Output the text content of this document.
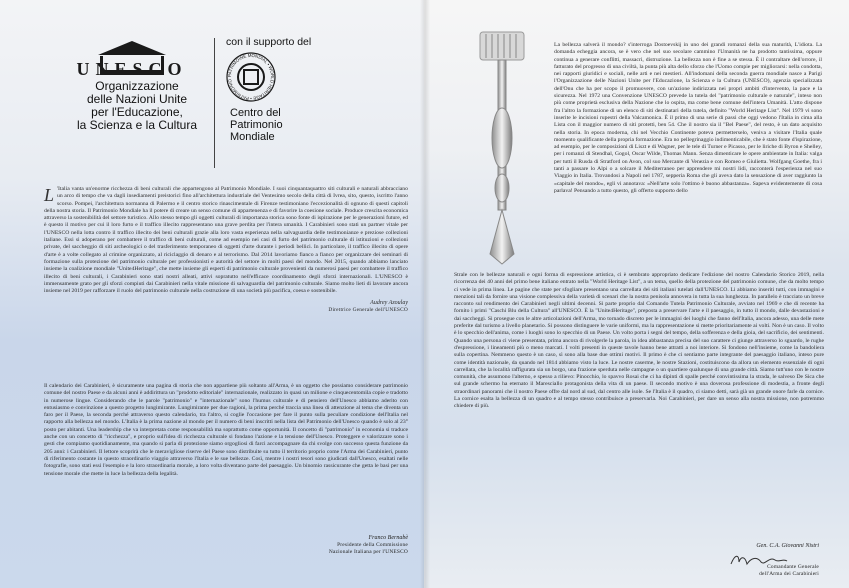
UNESCO
Organizzazione
delle Nazioni Unite
per l'Educazione,
la Scienza e la Cultura
con il supporto del
PATRIMOINE MONDIAL • WORLD HERITAGE • PATRIMONIO
Centro del
Patrimonio
Mondiale

L 'Italia vanta un'enorme ricchezza di beni culturali che appartengono al Patrimonio Mondiale. I suoi cinquantaquattro siti culturali e naturali abbracciano un arco di tempo che va dagli insediamenti preistorici fino all'architettura industriale del Ventesimo secolo della città di Ivrea, sito, questo, iscritto l'anno scorso. Pompei, l'architettura normanna di Palermo e il centro storico rinascimentale di Firenze testimoniano l'eccezionalità di ognuno di questi capitoli della nostra storia. Il Patrimonio Mondiale ha il potere di creare un senso comune di appartenenza e di favorire la coesione sociale. Produce crescita economica attraverso la sostenibilità del settore turistico. Allo stesso tempo gli oggetti culturali di importanza storica sono fonte di ispirazione per le generazioni future, ed è questo il motivo per cui il loro furto e il traffico illecito rappresentano una grave perdita per l'intera umanità. I Carabinieri sono stati un partner vitale per l'UNESCO nella lotta contro il traffico illecito dei beni culturali grazie alla loro vasta esperienza nella salvaguardia delle testimonianze e preziose collezioni italiane. Essi si adoperano per combattere il traffico di beni culturali, come ad esempio nei casi di furto del patrimonio culturale di istituzioni e collezioni private, del saccheggio di siti archeologici o del trasferimento temporaneo di oggetti d'arte durante i periodi bellici. In particolare, il traffico illecito di opere d'arte è a volte collegato al crimine organizzato, al riciclaggio di denaro e al terrorismo. Dal 2014 lavoriamo fianco a fianco per organizzare dei seminari di formazione sulla protezione del patrimonio culturale per professionisti e autorità del settore in molti paesi del mondo. Nel 2015, quando abbiamo lanciato insieme la coalizione mondiale "Unite4Heritage", che mette insieme gli esperti di patrimonio culturale provenienti da numerosi paesi per combattere il traffico illecito di beni culturali, i Carabinieri sono stati nostri alleati, attivi sopratutto nell'efficace coordinamento degli sforzi internazionali. L'UNESCO è immensamente grato per gli sforzi compiuti dai Carabinieri nella vitale missione di salvaguardia del patrimonio culturale. Siamo molto lieti di lavorare ancora insieme nel 2019 per rafforzare il ruolo del patrimonio culturale nella costruzione di una società più pacifica, coesa e sostenibile.

Audrey Azoulay
Direttrice Generale dell'UNESCO

Il calendario dei Carabinieri, è sicuramente una pagina di storia che non appartiene più soltanto all'Arma, è un oggetto che possiamo considerare patrimonio comune del nostro Paese e da alcuni anni è addirittura un "prodotto editoriale" internazionale, realizzato in quasi un milione e cinquecentomila copie e tradotto in numerose lingue. Considerando che le parole "patrimonio" e "internazionale" sono l'humus culturale e di pensiero dell'Unesco abbiamo aderito con entusiasmo e convinzione a questo progetto lungimirante. Lungimirante per due ragioni, la prima perché traccia una linea di attenzione al tema che diventa un faro per il Paese, la seconda perché attraverso questo calendario, tra l'altro, si coglie l'occasione per fare il punto sulla peculiare condizione dell'Italia nel rapporto alla bellezza nel mondo. L'Italia è la prima nazione al mondo per il numero di beni inscritti nella lista del Patrimonio dell'Unesco quando è solo al 23° posto per abitanti. Una leadership che va interpretata come responsabilità ma soprattutto come opportunità. Il concetto di "patrimonio" in economia si traduce anche con un concetto di "ricchezza", e proprio sull'idea di ricchezza culturale si fondano l'azione e la tensione dell'Unesco. Proteggere e valorizzare sono i gesti che compiamo quotidianamente, ma quando si parla di protezione siamo orgogliosi di farci accompagnare da chi svolge con successo questa funzione da 205 anni: i Carabinieri. Il lettore scoprirà che le meravigliose riserve del Paese sono distribuite su tutto il territorio proprio come l'Arma dei Carabinieri, punto di riferimento costante in questo straordinario viaggio attraverso l'Italia e le sue bellezze. Così, mentre i nostri tesori sono giudicati dall'Unesco, esaltati nelle fotografie, sono stati essi l'esempio e la loro straordinaria morale, a loro volta diventano parte del paesaggio. Un binomio rassicurante che getta le basi per una tensione morale che mette in luce la bellezza della legalità.

Franco Bernabè
Presidente della Commissione
Nazionale Italiana per l'UNESCO

La bellezza salverà il mondo? s'interroga Dostoevskij in uno dei grandi romanzi della sua maturità, L'idiota. La domanda echeggia ancora, se è vero che nel suo secolare cammino l'Umanità ne ha prodotto tantissima, oppure continua a generare conflitti, massacri, distruzione. La bellezza non è fine a se stessa. È il contraltare dell'orrore, il fatturato del progresso di una civiltà, la punta più alta dello sforzo che l'Uomo compie per migliorarsi: nella condotta, nei rapporti giuridici e sociali, nelle arti e nei mestieri. All'indomani della seconda guerra mondiale nasce a Parigi l'Organizzazione delle Nazioni Unite per l'Educazione, la Scienza e la Cultura (UNESCO), agenzia specializzata dell'Onu che ha per scopo il promuovere, con un'azione indirizzata nei propri ambiti d'intervento, la pace e la sicurezza. Nel 1972 una Convenzione UNESCO prevede la tutela del "patrimonio culturale e naturale", inteso non più come proprietà esclusiva della Nazione che lo ospita, ma come bene comune dell'intera Umanità. L'atto dispone fra l'altro la formazione di un elenco di siti destinatari della tutela, definito "World Heritage List". Nel 1979 vi sono inserite le incisioni rupestri della Valcamonica. È il primo di una serie di passi che oggi vedono l'Italia in cima alla Lista con il maggior numero di siti protetti, ben 54. Che il nostro sia il "Bel Paese", del resto, è un dato acquisito nella storia. In epoca moderna, chi nel Vecchio Continente poteva permetterselo, veniva a visitare l'Italia quale momento qualificante della propria formazione. Era no pellegrinaggio indimenticabile, che è stato fonte d'ispirazione, ad esempio, per le composizioni di Liszt e di Wagner, per le tele di Turner e Picasso, per le liriche di Byron e Shelley, per i romanzi di Stendhal, Gogol, Oscar Wilde, Thomas Mann. Senza dimenticare le opere ambientate in Italia: valga per tutti il Rusda di Stratford on Avon, col suo Mercante di Venezia e con Romeo e Giulietta. Wolfgang Goethe, fra i tanti a passare lo Alpi o a solcare il Mediterraneo per apprendere mi nostri lidi, racconterà l'esperienza nel suo Viaggio in Italia. Trovandosi a Napoli nel 1787, sepperia Roma che gli aveva dato la sensazione di aver raggiunto la «capitale del mondo», egli vi annotava: «Nell'arte solo l'ottimo è buono abbastanza». Sapeva evidentemente di cosa parlava! Pensando a tutto questo, gli offerto supporto dello

Strale con le bellezze naturali e ogni forma di espressione artistica, ci è sembrato appropriato dedicare l'edizione del nostro Calendario Storico 2019, nella ricorrenza dei 40 anni del primo bene italiano entrato nella "World Heritage List", a un tema, quello della protezione del patrimonio comune, che da molto tempo ci vede in prima linea. Le pagine che state per sfogliare presentano una carrellata dei siti italiani tutelati dall'UNESCO. Li abbiamo inseriti tutti, con immagini e menzioni tali da fornire una visione complessiva della varietà di scenari che la nostra penisola annovera in tutta la sua lunghezza. In parallelo è tracciato un breve racconto sul rendimento dei Carabinieri negli ultimi decenni. Si parte proprio dal Comando Tutela Patrimonio Culturale, avviato nel 1969 e che di recente ha fornito i primi "Caschi Blu della Cultura" all'UNESCO. È la "Unite4Heritage", preposta a preservare l'arte e il paesaggio, in tutto il mondo, dalle devastazioni e dai saccheggi. Si prosegue con le altre articolazioni dell'Arma, mo tornado discreto per le immagini dei luoghi che fanno dell'Italia, ancora adesso, una delle mete preferite dal turismo a livello planetario. Si possono distinguere le varie uniformi, ma la rappresentazione si mette prioritariamente ai volti. Non è un caso. Il volto è lo specchio dell'anima, come i luoghi sono lo specchio di un Paese. Un volto porta i segni del tempo, della sofferenza e della gioia, del sacrificio, dei sentimenti. Quando una persona ci viene presentata, prima ancora di rivolgerle la parola, in idea abbastanza precisa del suo carattere ci giunge attraverso lo sguardo, le rughe d'espressione, i lineamenti più o meno marcati. I volti presenti in queste tavole hanno bene attratti a noi interiore. Si fondono nell'insieme, come la bandoliera sulla copertina. Nemmeno questo è un caso, sì sono alla base due ottimi motivi. Il primo è che ci sentiamo parte integrante del paesaggio italiano, inteso pure come identità nazionale, da quando nel 1814 abbiamo visto la luce. Le nostre caserme, le nostre Stazioni, costituiscono da allora un elemento essenziale di ogni carrellata, che la località raffigurata sia un borgo, una frazione sperduta nelle campagne o un quartiere qualunque di una grande città. Siamo tutt'uno con le nostre comunità, che assumono l'alterno, e spesso a rilievo: Pinocchio, lo spavvo Rosai che ci ha dipinti di spalle perché convintissima la strada, le salveso De Sica che sul grande schermo ha eternato il Maresciallo protagonista della vita di un paese. Il secondo motivo è una doverosa professione di modestia, a fronte degli straordinari panorami che il nostro Paese offre dal nord al sud, dal centro alle isole. Se l'Italia è il quadro, ci siamo detti, sarà già un grande onore farle da cornice. La cornice esalta la bellezza di un quadro e al tempo stesso contribuisce a preservarla. Noi Carabinieri, per dare un senso alla nostra missione, non potremmo chiedere di più.

Gen. C.A. Giovanni Nistri
Comandante Generale
dell'Arma dei Carabinieri
